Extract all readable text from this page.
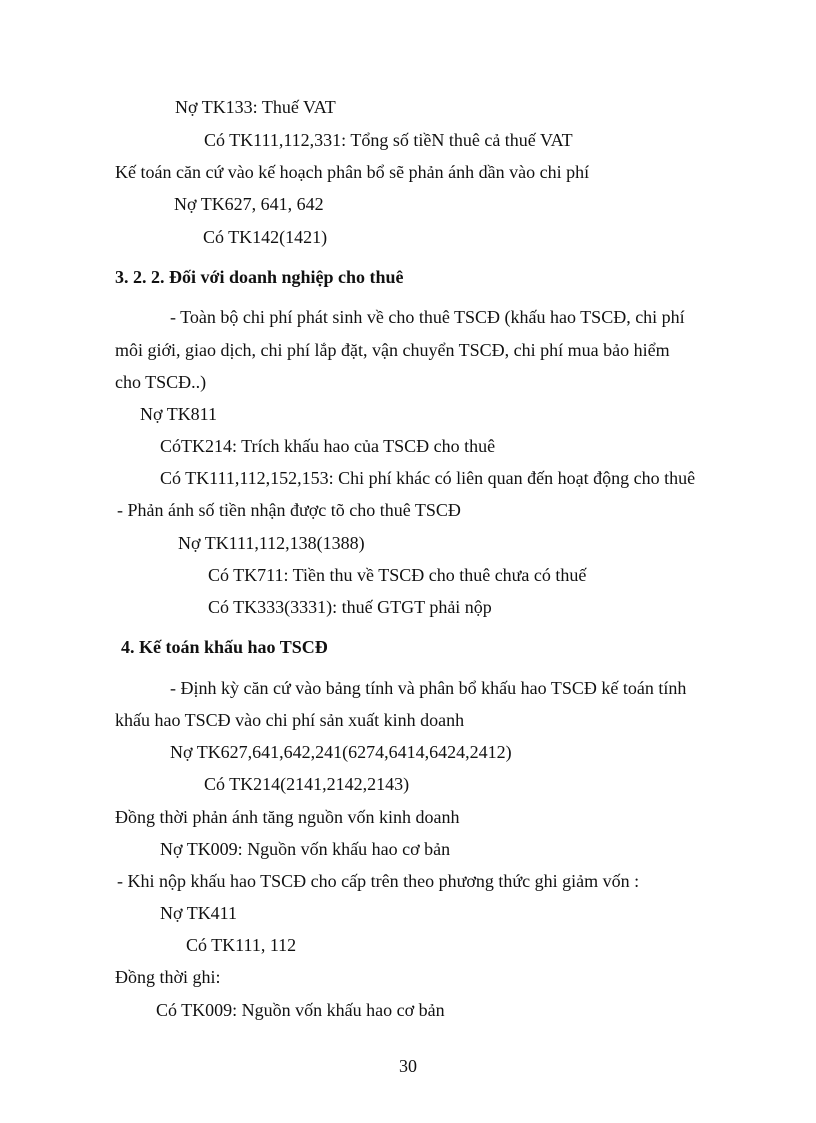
Nợ TK133: Thuế VAT
Có TK111,112,331: Tổng số tiềN thuê cả thuế VAT
Kế toán căn cứ vào kế hoạch phân bổ sẽ phản ánh dần vào chi phí
Nợ TK627, 641, 642
Có TK142(1421)
3. 2. 2. Đối với doanh nghiệp cho thuê
- Toàn bộ chi phí phát sinh về cho thuê TSCĐ (khấu hao TSCĐ, chi phí
môi giới, giao dịch, chi phí lắp đặt, vận chuyển TSCĐ, chi phí mua bảo hiểm
cho TSCĐ..)
Nợ TK811
CóTK214: Trích khấu hao của TSCĐ cho thuê
Có TK111,112,152,153: Chi phí khác có liên quan đến hoạt động cho thuê
- Phản ánh số tiền nhận được tõ cho thuê TSCĐ
Nợ TK111,112,138(1388)
Có TK711: Tiền thu về TSCĐ cho thuê chưa có thuế
Có TK333(3331): thuế GTGT phải nộp
4. Kế toán khấu hao TSCĐ
- Định kỳ căn cứ vào bảng tính và phân bổ khấu hao TSCĐ kế toán tính
khấu hao TSCĐ vào chi phí sản xuất kinh doanh
Nợ TK627,641,642,241(6274,6414,6424,2412)
Có TK214(2141,2142,2143)
Đồng thời phản ánh tăng nguồn vốn kinh doanh
Nợ TK009: Nguồn vốn khấu hao cơ bản
- Khi nộp khấu hao TSCĐ cho cấp trên theo phương thức ghi giảm vốn :
Nợ TK411
Có TK111, 112
Đồng thời ghi:
Có TK009: Nguồn vốn khấu hao cơ bản
30
